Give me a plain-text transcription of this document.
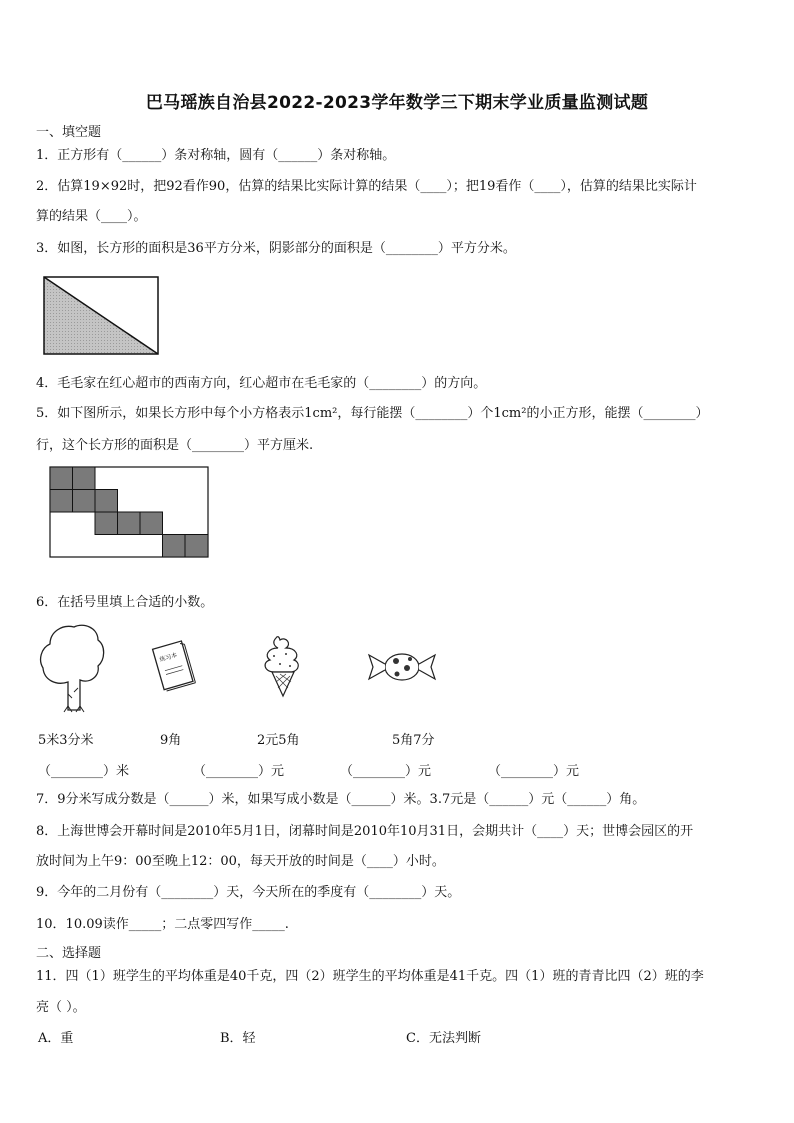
巴马瑶族自治县2022-2023学年数学三下期末学业质量监测试题
一、填空题
1．正方形有（______）条对称轴，圆有（______）条对称轴。
2．估算19×92时，把92看作90，估算的结果比实际计算的结果（____）；把19看作（____），估算的结果比实际计
算的结果（____）。
3．如图，长方形的面积是36平方分米，阴影部分的面积是（________）平方分米。
4．毛毛家在红心超市的西南方向，红心超市在毛毛家的（________）的方向。
5．如下图所示，如果长方形中每个小方格表示1cm²，每行能摆（________）个1cm²的小正方形，能摆（________）
行，这个长方形的面积是（________）平方厘米.
6．在括号里填上合适的小数。
练习本
5米3分米	9角	2元5角	5角7分
（________）米	（________）元	（________）元	（________）元
7．9分米写成分数是（______）米，如果写成小数是（______）米。3.7元是（______）元（______）角。
8．上海世博会开幕时间是2010年5月1日，闭幕时间是2010年10月31日，会期共计（____）天；世博会园区的开
放时间为上午9：00至晚上12：00，每天开放的时间是（____）小时。
9．今年的二月份有（________）天，今天所在的季度有（________）天。
10．10.09读作_____；二点零四写作_____.
二、选择题
11．四（1）班学生的平均体重是40千克，四（2）班学生的平均体重是41千克。四（1）班的青青比四（2）班的李
亮（ ）。
A．重	B．轻	C．无法判断
